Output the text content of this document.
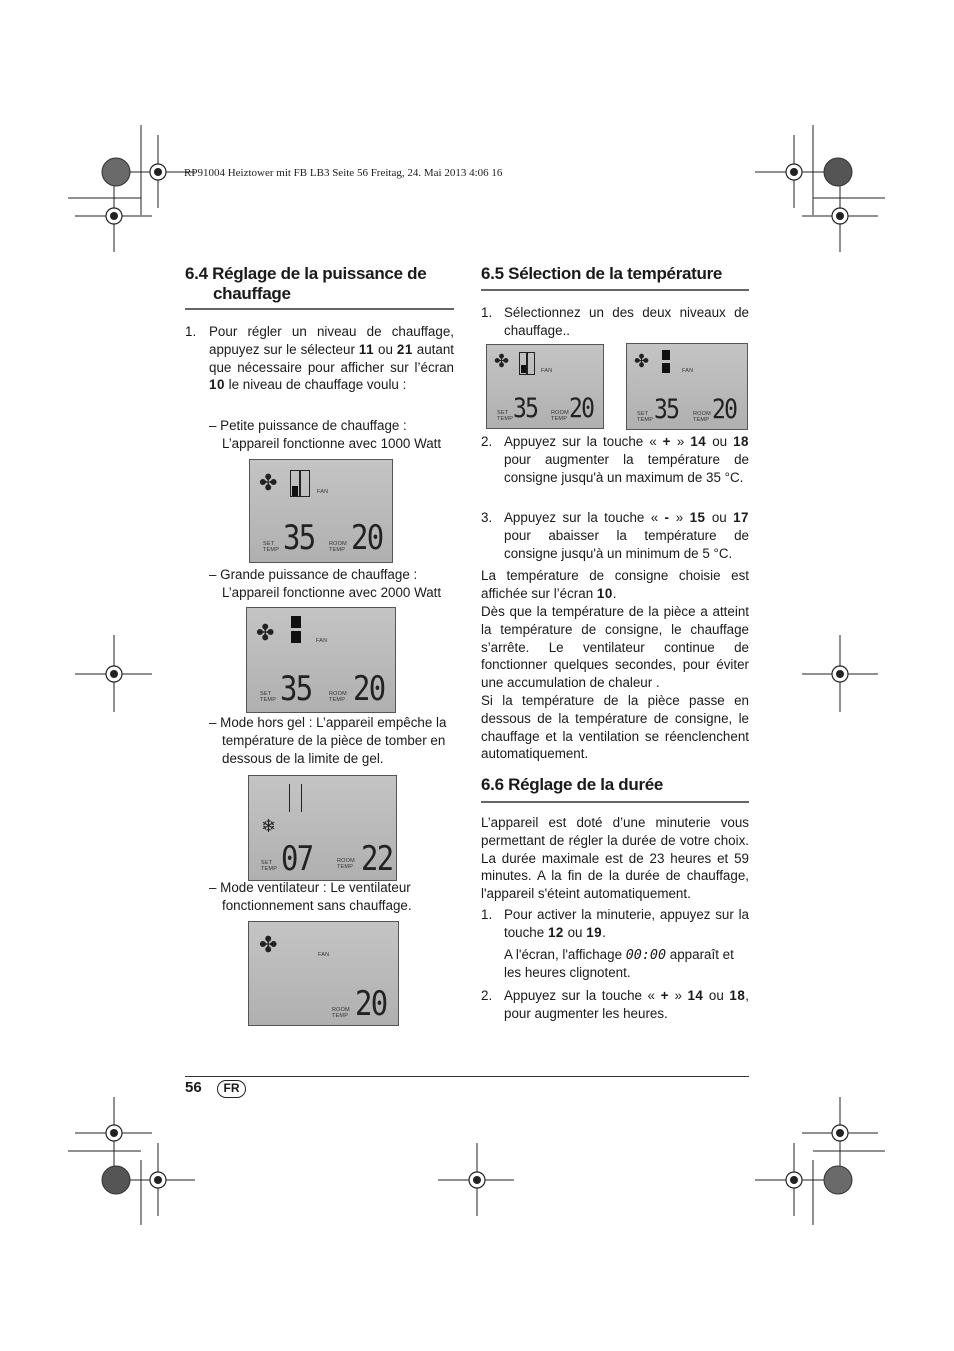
RP91004 Heiztower mit FB LB3 Seite 56 Freitag, 24. Mai 2013 4:06 16
6.4 Réglage de la puissance de
chauffage
1. Pour régler un niveau de chauffage, appuyez sur le sélecteur 11 ou 21 autant que nécessaire pour afficher sur l’écran 10 le niveau de chauffage voulu :
– Petite puissance de chauffage :
L’appareil fonctionne avec 1000 Watt
✤	FAN
SET
TEMP 35	ROOM
TEMP 20
– Grande puissance de chauffage :
L’appareil fonctionne avec 2000 Watt
✤	FAN
SET
TEMP 35	ROOM
TEMP 20
– Mode hors gel : L’appareil empêche la température de la pièce de tomber en dessous de la limite de gel.
❄
SET
TEMP 07	ROOM
TEMP 22
– Mode ventilateur : Le ventilateur fonctionnement sans chauffage.
✤	FAN
ROOM
TEMP 20
6.5 Sélection de la température
1. Sélectionnez un des deux niveaux de chauffage..
✤	FAN
SET
TEMP 35	ROOM
TEMP 20
✤	FAN
SET
TEMP 35	ROOM
TEMP 20
2. Appuyez sur la touche « + » 14 ou 18 pour augmenter la température de consigne jusqu'à un maximum de 35 °C.
3. Appuyez sur la touche « - » 15 ou 17 pour abaisser la température de consigne jusqu'à un minimum de 5 °C.
La température de consigne choisie est affichée sur l’écran 10.
Dès que la température de la pièce a atteint la température de consigne, le chauffage s’arrête. Le ventilateur continue de fonctionner quelques secondes, pour éviter une accumulation de chaleur .
Si la température de la pièce passe en dessous de la température de consigne, le chauffage et la ventilation se réenclenchent automatiquement.
6.6 Réglage de la durée
L’appareil est doté d’une minuterie vous permettant de régler la durée de votre choix. La durée maximale est de 23 heures et 59 minutes. A la fin de la durée de chauffage, l'appareil s'éteint automatiquement.
1. Pour activer la minuterie, appuyez sur la touche 12 ou 19.
A l'écran, l'affichage 00:00 apparaît et les heures clignotent.
2. Appuyez sur la touche « + » 14 ou 18, pour augmenter les heures.
56	FR
